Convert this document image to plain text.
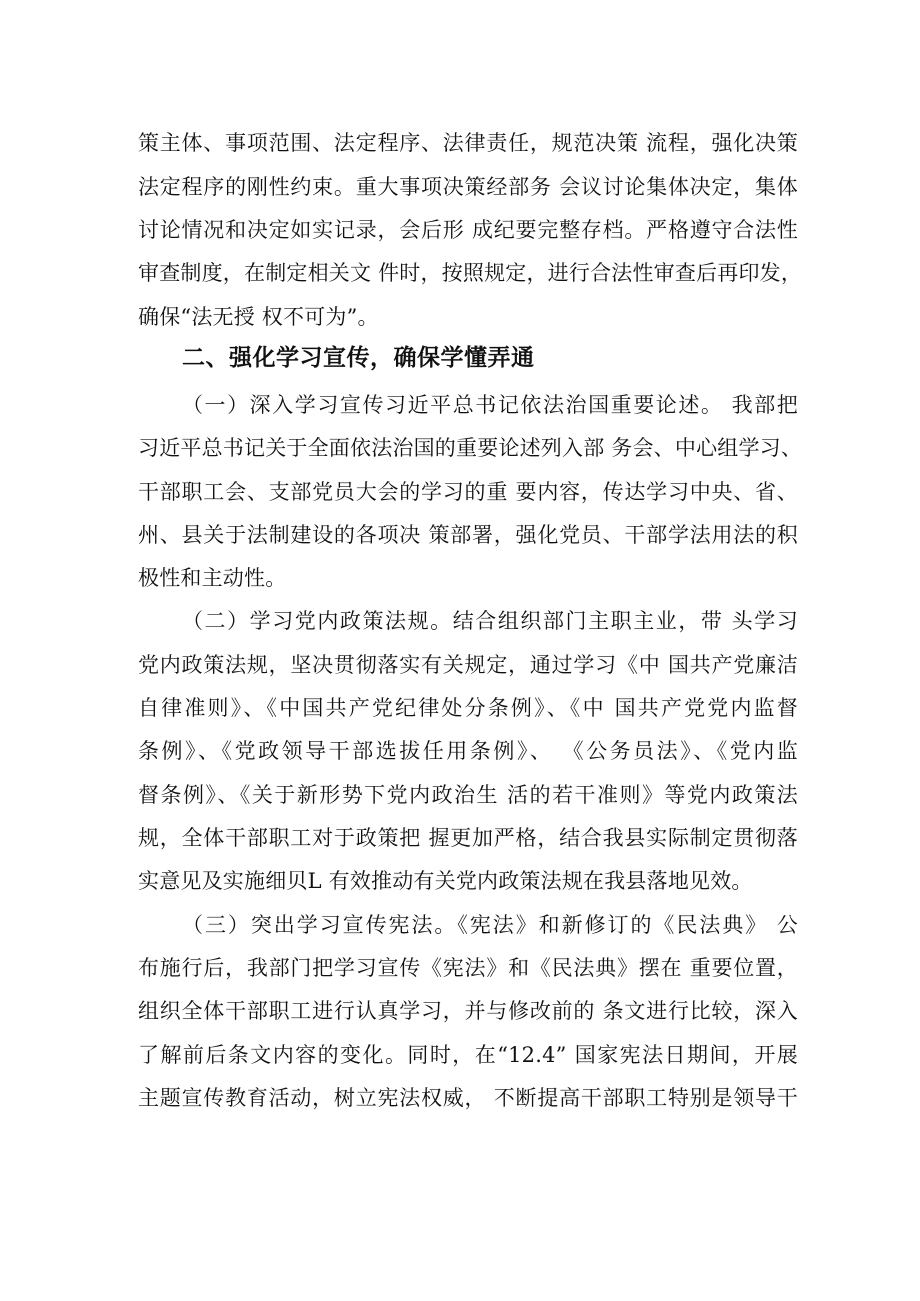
策主体、事项范围、法定程序、法律责任，规范决策 流程，强化决策
法定程序的刚性约束。重大事项决策经部务 会议讨论集体决定，集体
讨论情况和决定如实记录，会后形 成纪要完整存档。严格遵守合法性
审查制度，在制定相关文 件时，按照规定，进行合法性审查后再印发，
确保“法无授 权不可为”。
二、强化学习宣传，确保学懂弄通
（一）深入学习宣传习近平总书记依法治国重要论述。 我部把
习近平总书记关于全面依法治国的重要论述列入部 务会、中心组学习、
干部职工会、支部党员大会的学习的重 要内容，传达学习中央、省、
州、县关于法制建设的各项决 策部署，强化党员、干部学法用法的积
极性和主动性。
（二）学习党内政策法规。结合组织部门主职主业，带 头学习
党内政策法规，坚决贯彻落实有关规定，通过学习《中 国共产党廉洁
自律准则》、《中国共产党纪律处分条例》、《中 国共产党党内监督
条例》、《党政领导干部选拔任用条例》、 《公务员法》、《党内监
督条例》、《关于新形势下党内政治生 活的若干准则》等党内政策法
规，全体干部职工对于政策把 握更加严格，结合我县实际制定贯彻落
实意见及实施细贝L 有效推动有关党内政策法规在我县落地见效。
（三）突出学习宣传宪法。《宪法》和新修订的《民法典》 公
布施行后，我部门把学习宣传《宪法》和《民法典》摆在 重要位置，
组织全体干部职工进行认真学习，并与修改前的 条文进行比较，深入
了解前后条文内容的变化。同时，在“12.4” 国家宪法日期间，开展
主题宣传教育活动，树立宪法权威， 不断提高干部职工特别是领导干
